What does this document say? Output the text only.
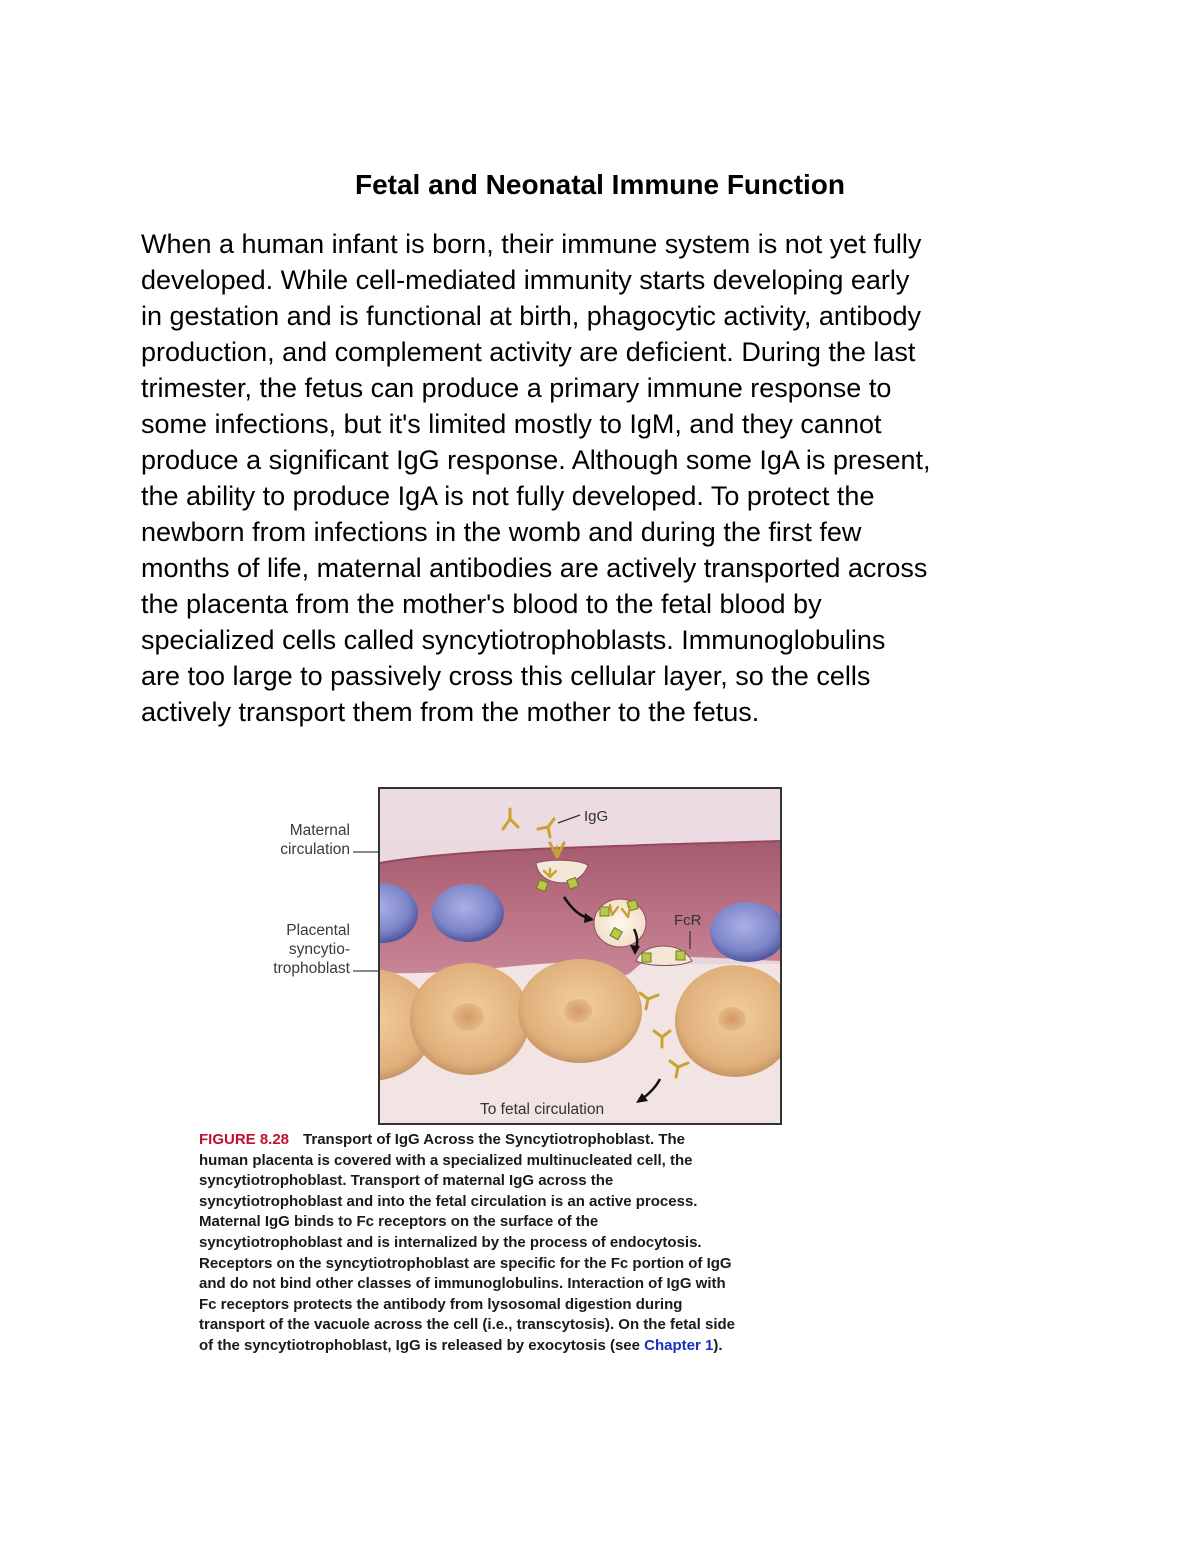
Fetal and Neonatal Immune Function

When a human infant is born, their immune system is not yet fully
developed. While cell-mediated immunity starts developing early
in gestation and is functional at birth, phagocytic activity, antibody
production, and complement activity are deficient. During the last
trimester, the fetus can produce a primary immune response to
some infections, but it's limited mostly to IgM, and they cannot
produce a significant IgG response. Although some IgA is present,
the ability to produce IgA is not fully developed. To protect the
newborn from infections in the womb and during the first few
months of life, maternal antibodies are actively transported across
the placenta from the mother's blood to the fetal blood by
specialized cells called syncytiotrophoblasts. Immunoglobulins
are too large to passively cross this cellular layer, so the cells
actively transport them from the mother to the fetus.

Maternal
circulation
Placental
syncytio-
trophoblast
IgG
FcR
To fetal circulation

FIGURE 8.28 Transport of IgG Across the Syncytiotrophoblast. The
human placenta is covered with a specialized multinucleated cell, the
syncytiotrophoblast. Transport of maternal IgG across the
syncytiotrophoblast and into the fetal circulation is an active process.
Maternal IgG binds to Fc receptors on the surface of the
syncytiotrophoblast and is internalized by the process of endocytosis.
Receptors on the syncytiotrophoblast are specific for the Fc portion of IgG
and do not bind other classes of immunoglobulins. Interaction of IgG with
Fc receptors protects the antibody from lysosomal digestion during
transport of the vacuole across the cell (i.e., transcytosis). On the fetal side
of the syncytiotrophoblast, IgG is released by exocytosis (see Chapter 1).
